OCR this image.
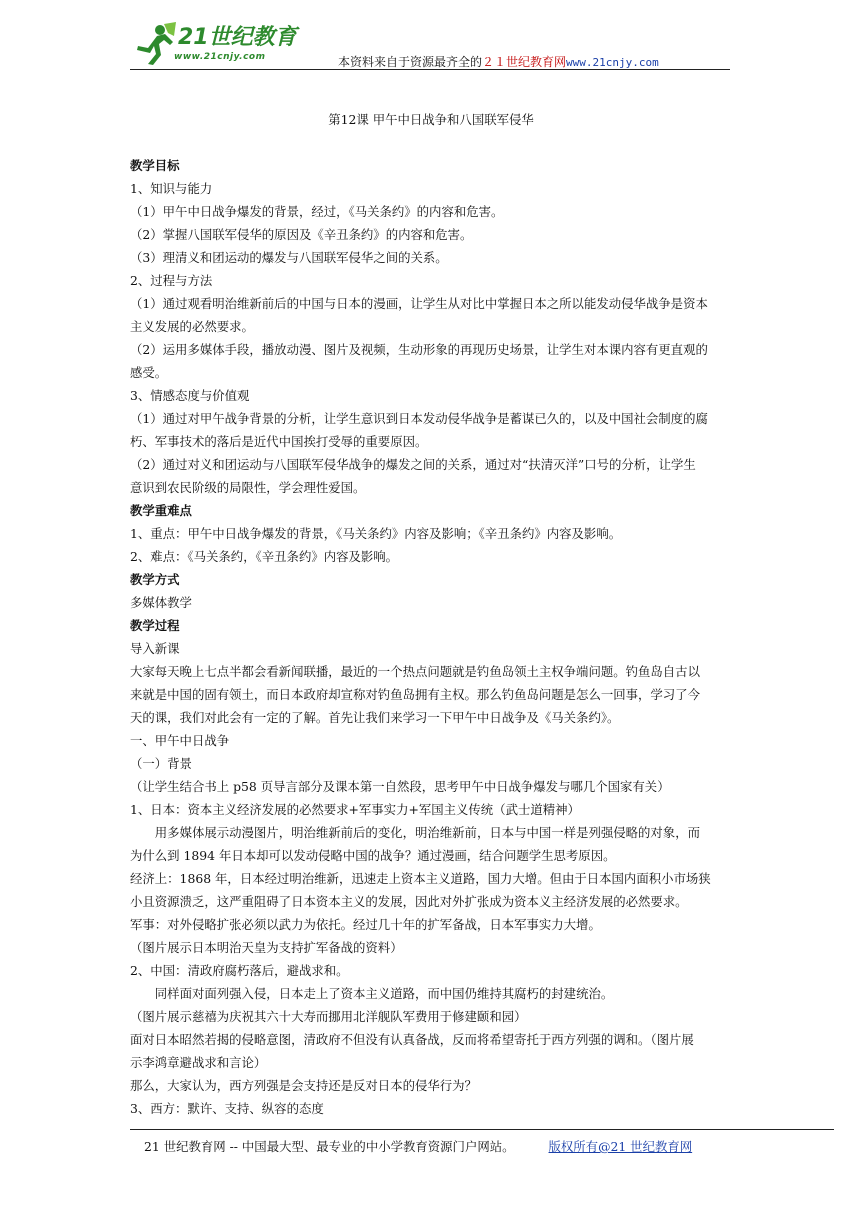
21世纪教育
www.21cnjy.com	本资料来自于资源最齐全的２１世纪教育网www.21cnjy.com
第12课 甲午中日战争和八国联军侵华

教学目标

1、知识与能力

（1）甲午中日战争爆发的背景，经过，《马关条约》的内容和危害。

（2）掌握八国联军侵华的原因及《辛丑条约》的内容和危害。

（3）理清义和团运动的爆发与八国联军侵华之间的关系。

2、过程与方法

（1）通过观看明治维新前后的中国与日本的漫画，让学生从对比中掌握日本之所以能发动侵华战争是资本

主义发展的必然要求。

（2）运用多媒体手段，播放动漫、图片及视频，生动形象的再现历史场景，让学生对本课内容有更直观的

感受。

3、情感态度与价值观

（1）通过对甲午战争背景的分析，让学生意识到日本发动侵华战争是蓄谋已久的，以及中国社会制度的腐

朽、军事技术的落后是近代中国挨打受辱的重要原因。

（2）通过对义和团运动与八国联军侵华战争的爆发之间的关系，通过对“扶清灭洋”口号的分析，让学生

意识到农民阶级的局限性，学会理性爱国。

教学重难点

1、重点：甲午中日战争爆发的背景，《马关条约》内容及影响；《辛丑条约》内容及影响。

2、难点：《马关条约，《辛丑条约》内容及影响。

教学方式

多媒体教学

教学过程

导入新课

大家每天晚上七点半都会看新闻联播，最近的一个热点问题就是钓鱼岛领土主权争端问题。钓鱼岛自古以

来就是中国的固有领土，而日本政府却宣称对钓鱼岛拥有主权。那么钓鱼岛问题是怎么一回事，学习了今

天的课，我们对此会有一定的了解。首先让我们来学习一下甲午中日战争及《马关条约》。

一、甲午中日战争

（一）背景

（让学生结合书上 p58 页导言部分及课本第一自然段，思考甲午中日战争爆发与哪几个国家有关）

1、日本：资本主义经济发展的必然要求+军事实力+军国主义传统（武士道精神）

用多媒体展示动漫图片，明治维新前后的变化，明治维新前，日本与中国一样是列强侵略的对象，而

为什么到 1894 年日本却可以发动侵略中国的战争？通过漫画，结合问题学生思考原因。

经济上：1868 年，日本经过明治维新，迅速走上资本主义道路，国力大增。但由于日本国内面积小市场狭

小且资源溃乏，这严重阻碍了日本资本主义的发展，因此对外扩张成为资本义主经济发展的必然要求。

军事：对外侵略扩张必须以武力为依托。经过几十年的扩军备战，日本军事实力大增。

（图片展示日本明治天皇为支持扩军备战的资料）

2、中国：清政府腐朽落后，避战求和。

同样面对面列强入侵，日本走上了资本主义道路，而中国仍维持其腐朽的封建统治。

（图片展示慈禧为庆祝其六十大寿而挪用北洋舰队军费用于修建颐和园）

面对日本昭然若揭的侵略意图，清政府不但没有认真备战，反而将希望寄托于西方列强的调和。（图片展

示李鸿章避战求和言论）

那么，大家认为，西方列强是会支持还是反对日本的侵华行为？

3、西方：默许、支持、纵容的态度

21 世纪教育网 -- 中国最大型、最专业的中小学教育资源门户网站。	版权所有@21 世纪教育网
